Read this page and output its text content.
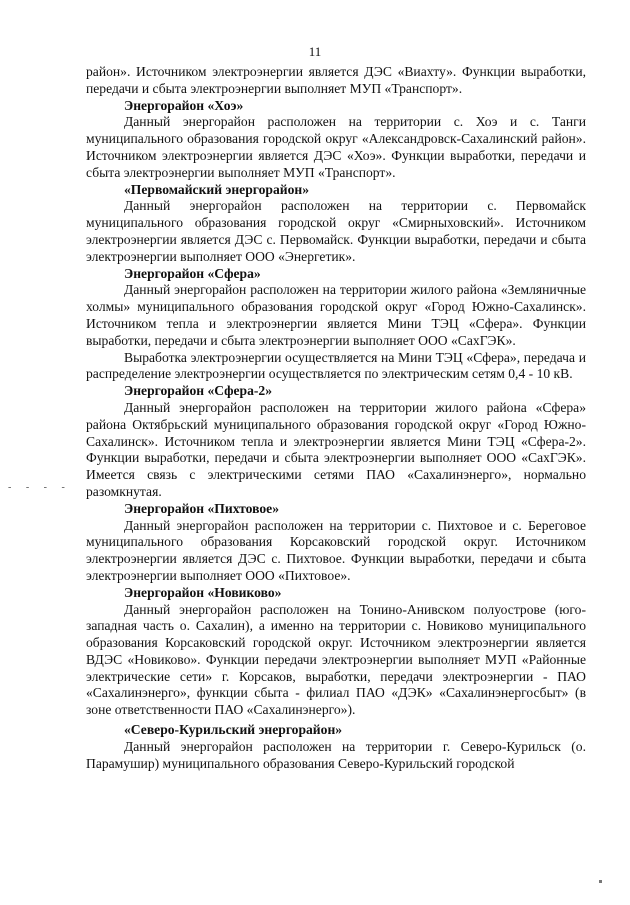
11
- - - -

район». Источником электроэнергии является ДЭС «Виахту». Функции выработки, передачи и сбыта электроэнергии выполняет МУП «Транспорт».

Энергорайон «Хоэ»

Данный энергорайон расположен на территории с. Хоэ и с. Танги муниципального образования городской округ «Александровск-Сахалинский район». Источником электроэнергии является ДЭС «Хоэ». Функции выработки, передачи и сбыта электроэнергии выполняет МУП «Транспорт».

«Первомайский энергорайон»

Данный энергорайон расположен на территории с. Первомайск муниципального образования городской округ «Смирныховский». Источником электроэнергии является ДЭС с. Первомайск. Функции выработки, передачи и сбыта электроэнергии выполняет ООО «Энергетик».

Энергорайон «Сфера»

Данный энергорайон расположен на территории жилого района «Земляничные холмы» муниципального образования городской округ «Город Южно-Сахалинск». Источником тепла и электроэнергии является Мини ТЭЦ «Сфера». Функции выработки, передачи и сбыта электроэнергии выполняет ООО «СахГЭК».

Выработка электроэнергии осуществляется на Мини ТЭЦ «Сфера», передача и распределение электроэнергии осуществляется по электрическим сетям 0,4 - 10 кВ.

Энергорайон «Сфера-2»

Данный энергорайон расположен на территории жилого района «Сфера» района Октябрьский муниципального образования городской округ «Город Южно-Сахалинск». Источником тепла и электроэнергии является Мини ТЭЦ «Сфера-2». Функции выработки, передачи и сбыта электроэнергии выполняет ООО «СахГЭК». Имеется связь с электрическими сетями ПАО «Сахалинэнерго», нормально разомкнутая.

Энергорайон «Пихтовое»

Данный энергорайон расположен на территории с. Пихтовое и с. Береговое муниципального образования Корсаковский городской округ. Источником электроэнергии является ДЭС с. Пихтовое. Функции выработки, передачи и сбыта электроэнергии выполняет ООО «Пихтовое».

Энергорайон «Новиково»

Данный энергорайон расположен на Тонино-Анивском полуострове (юго-западная часть о. Сахалин), а именно на территории с. Новиково муниципального образования Корсаковский городской округ. Источником электроэнергии является ВДЭС «Новиково». Функции передачи электроэнергии выполняет МУП «Районные электрические сети» г. Корсаков, выработки, передачи электроэнергии - ПАО «Сахалинэнерго», функции сбыта - филиал ПАО «ДЭК» «Сахалинэнергосбыт» (в зоне ответственности ПАО «Сахалинэнерго»).

«Северо-Курильский энергорайон»

Данный энергорайон расположен на территории г. Северо-Курильск (о. Парамушир) муниципального образования Северо-Курильский городской
